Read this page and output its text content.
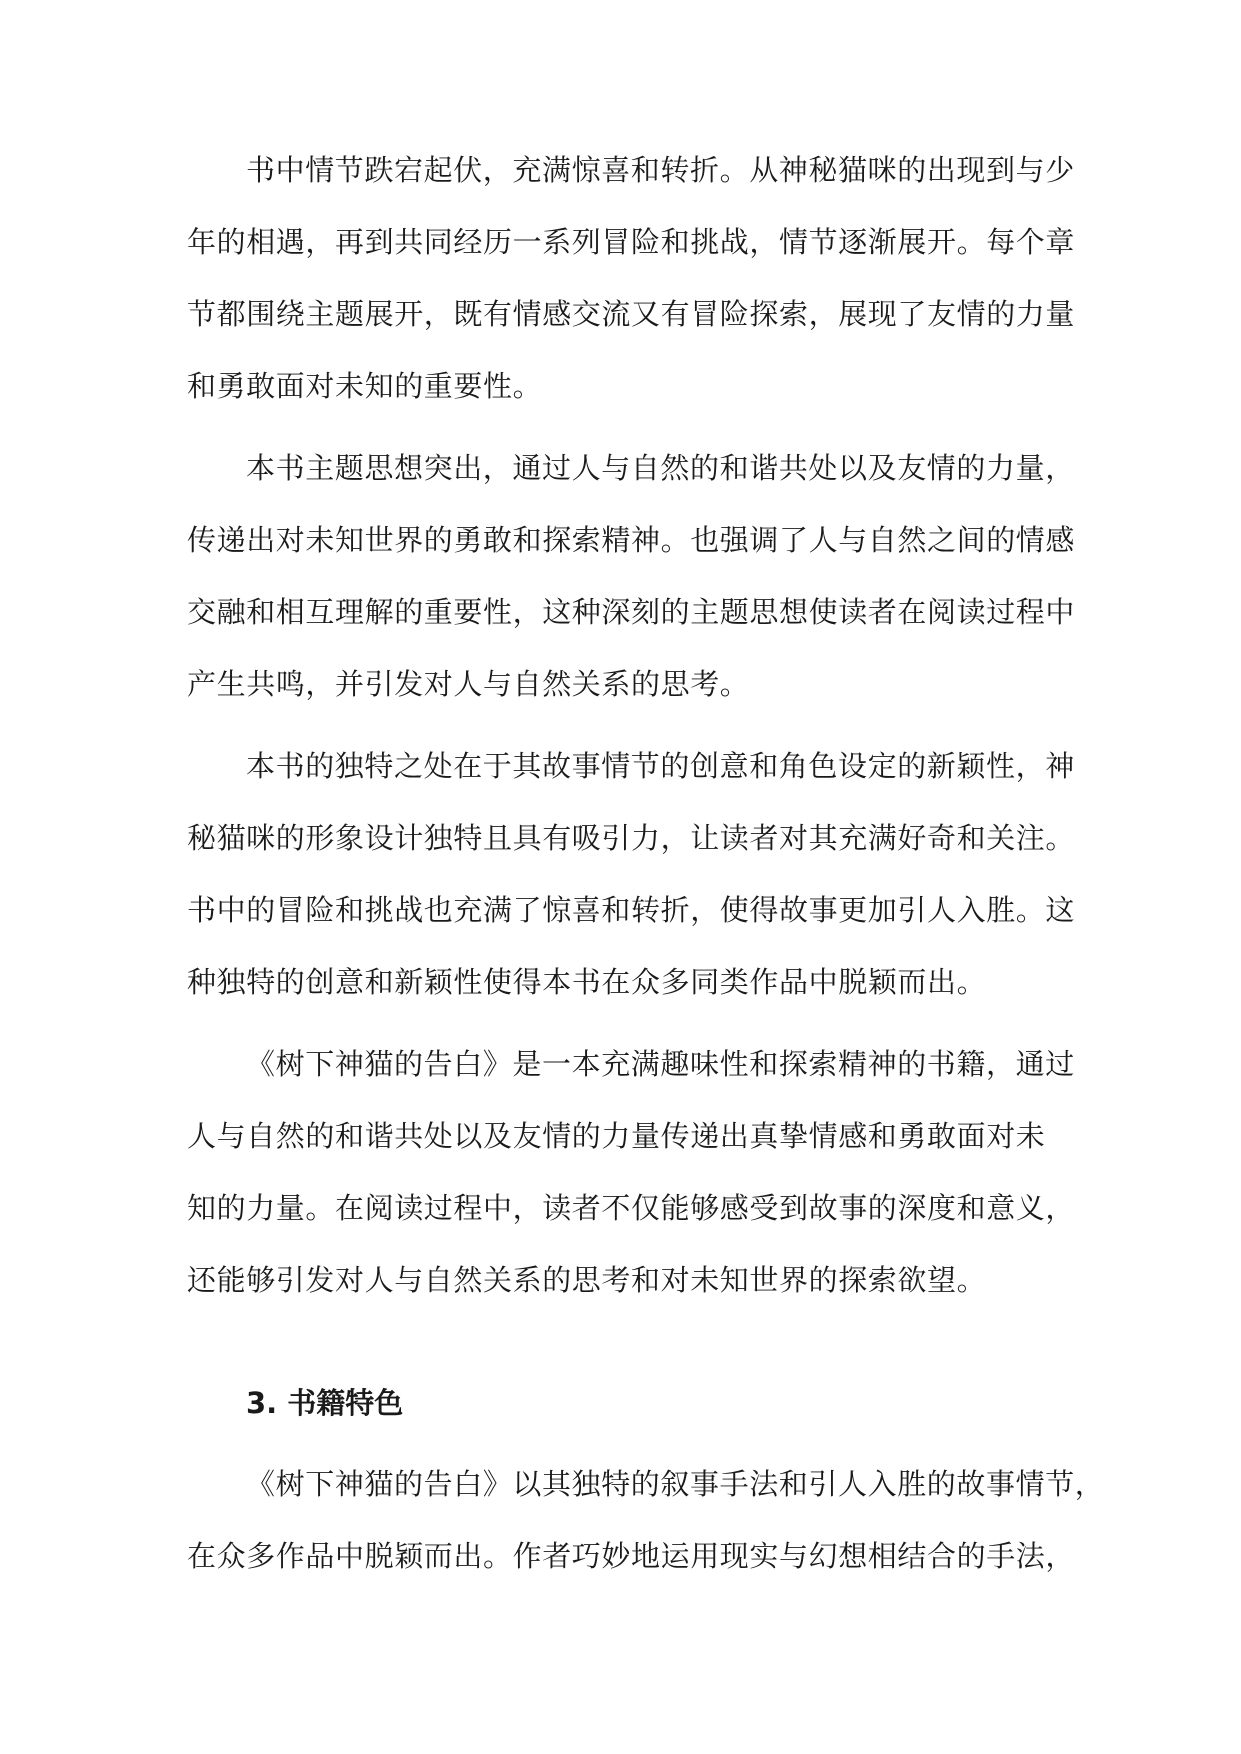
书中情节跌宕起伏，充满惊喜和转折。从神秘猫咪的出现到与少
年的相遇，再到共同经历一系列冒险和挑战，情节逐渐展开。每个章
节都围绕主题展开，既有情感交流又有冒险探索，展现了友情的力量
和勇敢面对未知的重要性。
本书主题思想突出，通过人与自然的和谐共处以及友情的力量，
传递出对未知世界的勇敢和探索精神。也强调了人与自然之间的情感
交融和相互理解的重要性，这种深刻的主题思想使读者在阅读过程中
产生共鸣，并引发对人与自然关系的思考。
本书的独特之处在于其故事情节的创意和角色设定的新颖性，神
秘猫咪的形象设计独特且具有吸引力，让读者对其充满好奇和关注。
书中的冒险和挑战也充满了惊喜和转折，使得故事更加引人入胜。这
种独特的创意和新颖性使得本书在众多同类作品中脱颖而出。
《树下神猫的告白》是一本充满趣味性和探索精神的书籍，通过
人与自然的和谐共处以及友情的力量传递出真挚情感和勇敢面对未
知的力量。在阅读过程中，读者不仅能够感受到故事的深度和意义，
还能够引发对人与自然关系的思考和对未知世界的探索欲望。
3. 书籍特色
《树下神猫的告白》以其独特的叙事手法和引人入胜的故事情节，
在众多作品中脱颖而出。作者巧妙地运用现实与幻想相结合的手法，
